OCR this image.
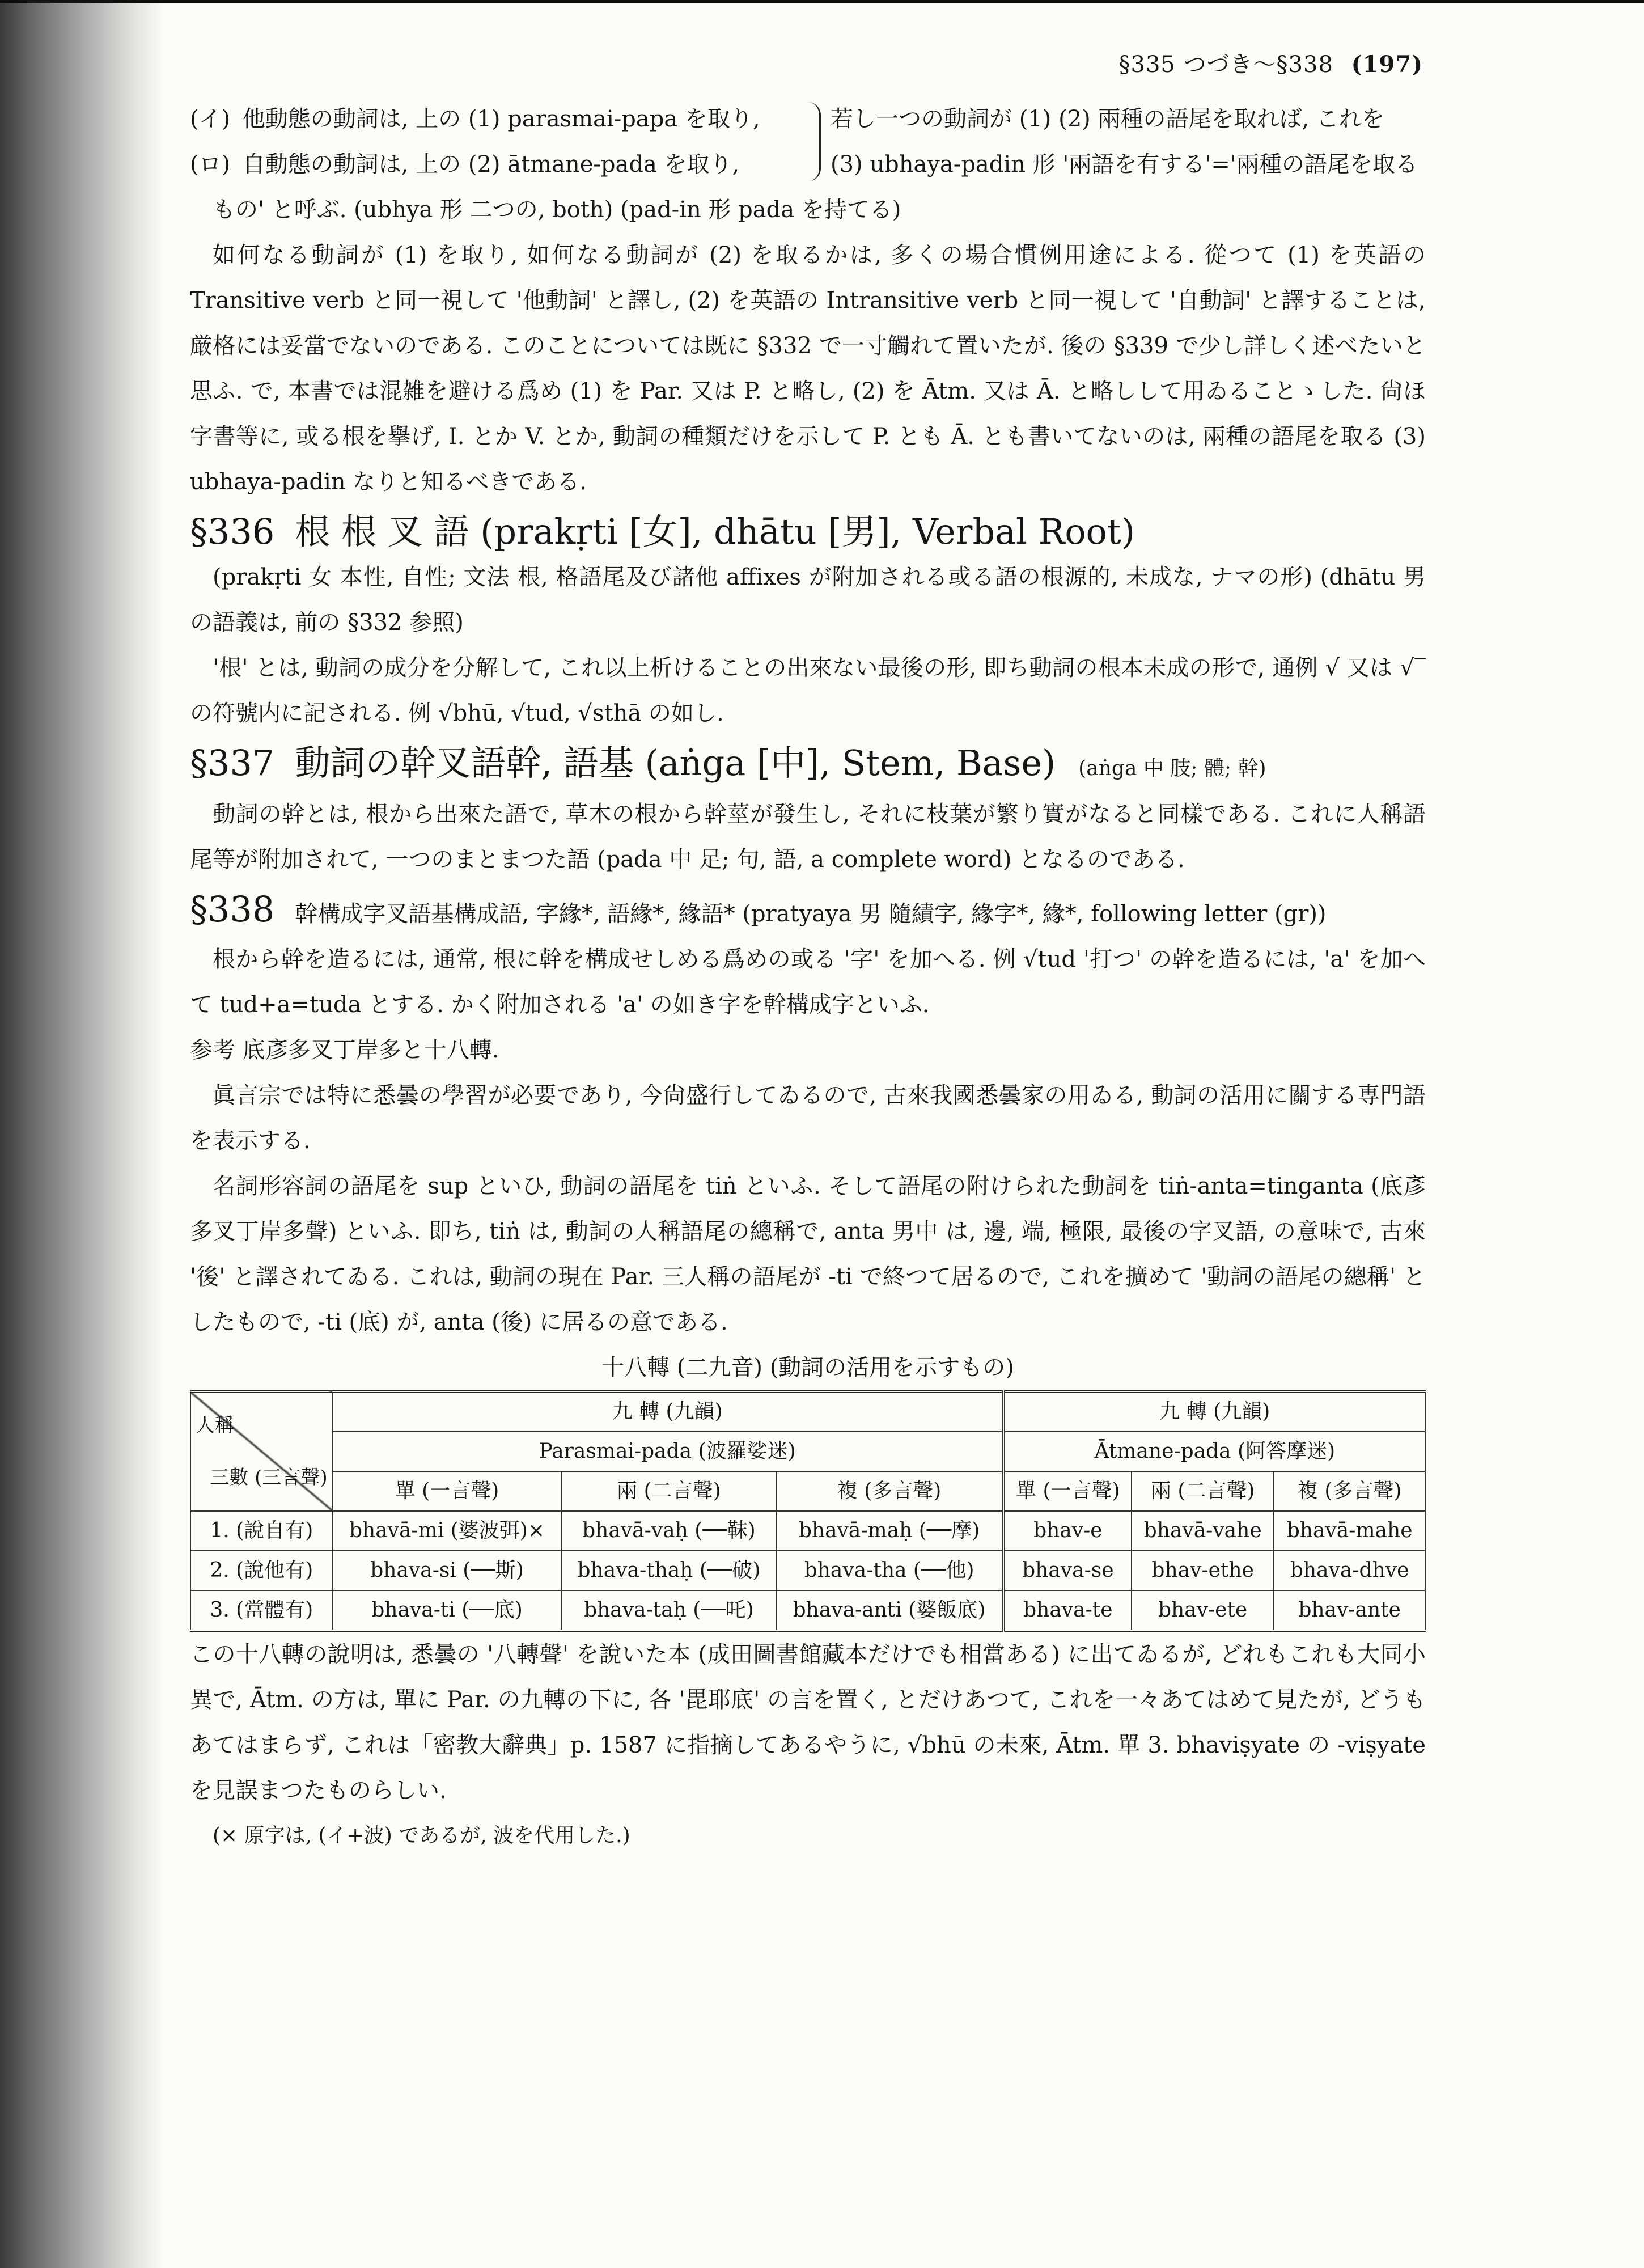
§335 つづき～§338 (197)
(イ) 他動態の動詞は, 上の (1) parasmai-papa を取り,
(ロ) 自動態の動詞は, 上の (2) ātmane-pada を取り,
若し一つの動詞が (1) (2) 兩種の語尾を取れば, これを
(3) ubhaya-padin 形 '兩語を有する'='兩種の語尾を取る

もの' と呼ぶ. (ubhya 形 二つの, both) (pad-in 形 pada を持てる)

如何なる動詞が (1) を取り, 如何なる動詞が (2) を取るかは, 多くの場合慣例用途による. 從つて (1) を英語の Transitive verb と同一視して '他動詞' と譯し, (2) を英語の Intransitive verb と同一視して '自動詞' と譯することは, 厳格には妥當でないのである. このことについては既に §332 で一寸觸れて置いたが. 後の §339 で少し詳しく述べたいと思ふ. で, 本書では混雑を避ける爲め (1) を Par. 又は P. と略し, (2) を Ātm. 又は Ā. と略しして用ゐることゝした. 尙ほ字書等に, 或る根を擧げ, I. とか V. とか, 動詞の種類だけを示して P. とも Ā. とも書いてないのは, 兩種の語尾を取る (3) ubhaya-padin なりと知るべきである.

§336 根 根 叉 語 (prakṛti [女], dhātu [男], Verbal Root)

(prakṛti 女 本性, 自性; 文法 根, 格語尾及び諸他 affixes が附加される或る語の根源的, 未成な, ナマの形) (dhātu 男 の語義は, 前の §332 参照)

'根' とは, 動詞の成分を分解して, これ以上析けることの出來ない最後の形, 即ち動詞の根本未成の形で, 通例 √ 又は √‾ の符號内に記される. 例 √bhū, √tud, √sthā の如し.

§337 動詞の幹叉語幹, 語基 (aṅga [中], Stem, Base) (aṅga 中 肢; 體; 幹)

動詞の幹とは, 根から出來た語で, 草木の根から幹莖が發生し, それに枝葉が繁り實がなると同樣である. これに人稱語尾等が附加されて, 一つのまとまつた語 (pada 中 足; 句, 語, a complete word) となるのである.

§338 幹構成字叉語基構成語, 字緣*, 語緣*, 緣語* (pratyaya 男 隨績字, 緣字*, 緣*, following letter (gr))

根から幹を造るには, 通常, 根に幹を構成せしめる爲めの或る '字' を加へる. 例 √tud '打つ' の幹を造るには, 'a' を加へて tud+a=tuda とする. かく附加される 'a' の如き字を幹構成字といふ.

参考 底彥多叉丁岸多と十八轉.

眞言宗では特に悉曇の學習が必要であり, 今尙盛行してゐるので, 古來我國悉曇家の用ゐる, 動詞の活用に關する専門語を表示する.

名詞形容詞の語尾を sup といひ, 動詞の語尾を tiṅ といふ. そして語尾の附けられた動詞を tiṅ-anta=tinganta (底彥多叉丁岸多聲) といふ. 即ち, tiṅ は, 動詞の人稱語尾の總稱で, anta 男中 は, 邊, 端, 極限, 最後の字叉語, の意味で, 古來 '後' と譯されてゐる. これは, 動詞の現在 Par. 三人稱の語尾が -ti で終つて居るので, これを擴めて '動詞の語尾の總稱' としたもので, -ti (底) が, anta (後) に居るの意である.

十八轉 (二九音) (動詞の活用を示すもの)

人稱
三數 (三言聲)	九 轉 (九韻)			九 轉 (九韻)		
	Parasmai-pada (波羅娑迷)			Ātmane-pada (阿答摩迷)		
	單 (一言聲)	兩 (二言聲)	複 (多言聲)	單 (一言聲)	兩 (二言聲)	複 (多言聲)
1. (說自有)	bhavā-mi (婆波弭)×	bhavā-vaḥ (──靺)	bhavā-maḥ (──摩)	bhav-e	bhavā-vahe	bhavā-mahe
2. (說他有)	bhava-si (──斯)	bhava-thaḥ (──破)	bhava-tha (──他)	bhava-se	bhav-ethe	bhava-dhve
3. (當體有)	bhava-ti (──底)	bhava-taḥ (──吒)	bhava-anti (婆飯底)	bhava-te	bhav-ete	bhav-ante

この十八轉の說明は, 悉曇の '八轉聲' を說いた本 (成田圖書館藏本だけでも相當ある) に出てゐるが, どれもこれも大同小異で, Ātm. の方は, 單に Par. の九轉の下に, 各 '毘耶底' の言を置く, とだけあつて, これを一々あてはめて見たが, どうもあてはまらず, これは「密教大辭典」p. 1587 に指摘してあるやうに, √bhū の未來, Ātm. 單 3. bhaviṣyate の -viṣyate を見誤まつたものらしい.

(× 原字は, (イ+波) であるが, 波を代用した.)
